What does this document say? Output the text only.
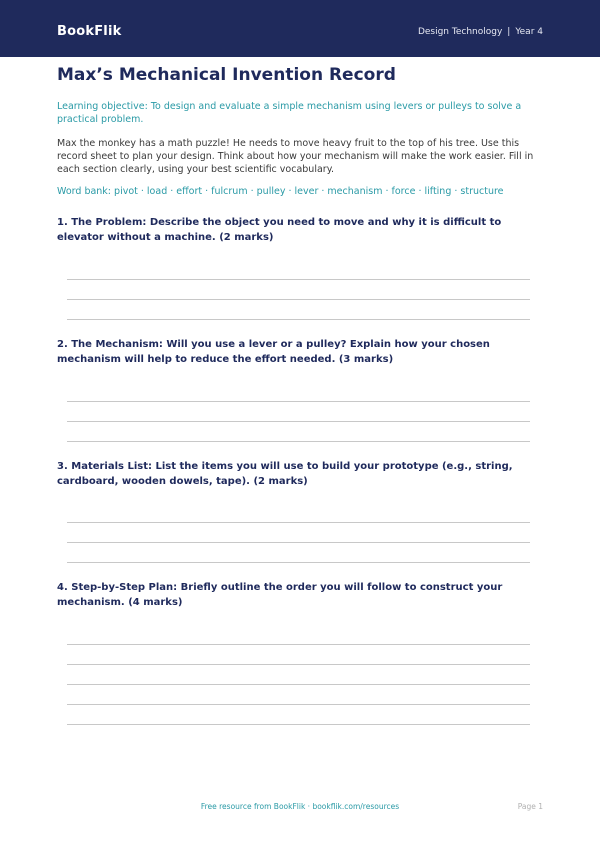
BookFlik	Design Technology | Year 4
Max’s Mechanical Invention Record

Learning objective: To design and evaluate a simple mechanism using levers or pulleys to solve a practical problem.

Max the monkey has a math puzzle! He needs to move heavy fruit to the top of his tree. Use this record sheet to plan your design. Think about how your mechanism will make the work easier. Fill in each section clearly, using your best scientific vocabulary.

Word bank: pivot · load · effort · fulcrum · pulley · lever · mechanism · force · lifting · structure

1. The Problem: Describe the object you need to move and why it is difficult to elevator without a machine. (2 marks)
2. The Mechanism: Will you use a lever or a pulley? Explain how your chosen mechanism will help to reduce the effort needed. (3 marks)
3. Materials List: List the items you will use to build your prototype (e.g., string, cardboard, wooden dowels, tape). (2 marks)
4. Step-by-Step Plan: Briefly outline the order you will follow to construct your mechanism. (4 marks)
Free resource from BookFlik · bookflik.com/resources	Page 1
